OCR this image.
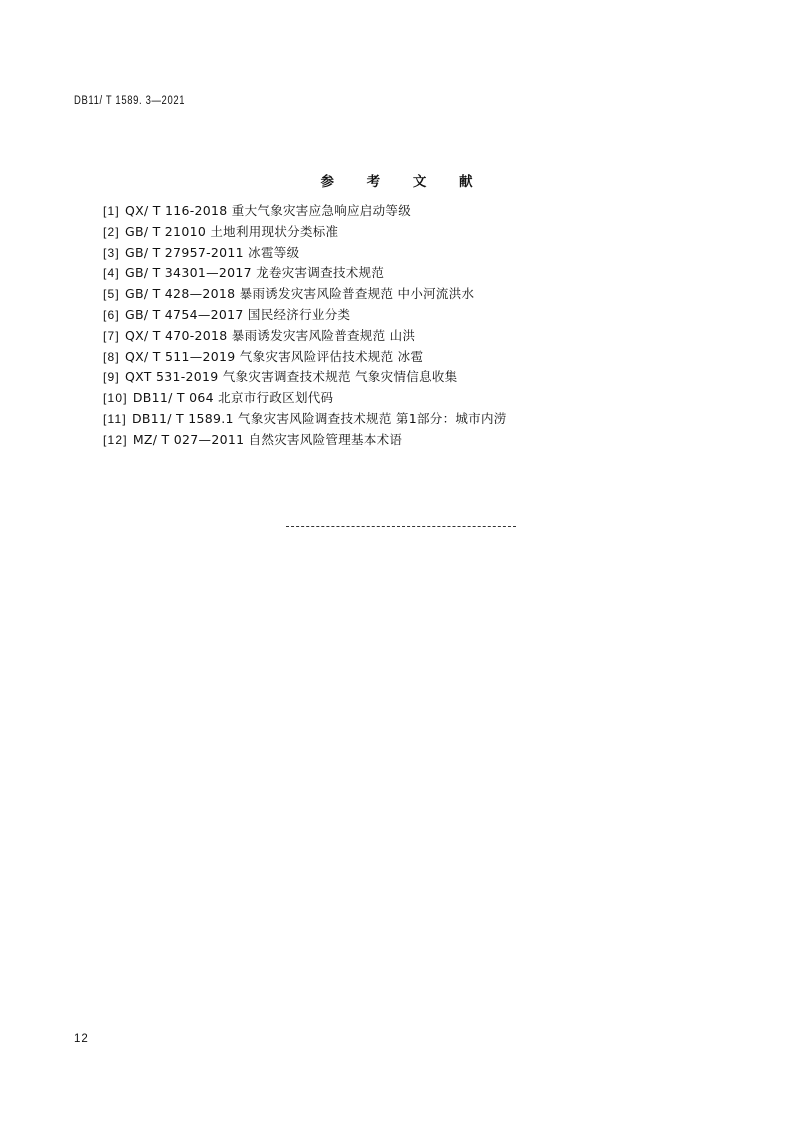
DB11/ T 1589. 3—2021
参 考 文 献
[1] QX/ T 116-2018 重大气象灾害应急响应启动等级
[2] GB/ T 21010 土地利用现状分类标准
[3] GB/ T 27957-2011 冰雹等级
[4] GB/ T 34301—2017 龙卷灾害调查技术规范
[5] GB/ T 428—2018 暴雨诱发灾害风险普查规范 中小河流洪水
[6] GB/ T 4754—2017 国民经济行业分类
[7] QX/ T 470-2018 暴雨诱发灾害风险普查规范 山洪
[8] QX/ T 511—2019 气象灾害风险评估技术规范 冰雹
[9] QXT 531-2019 气象灾害调查技术规范 气象灾情信息收集
[10] DB11/ T 064 北京市行政区划代码
[11] DB11/ T 1589.1 气象灾害风险调查技术规范 第1部分：城市内涝
[12] MZ/ T 027—2011 自然灾害风险管理基本术语
12
